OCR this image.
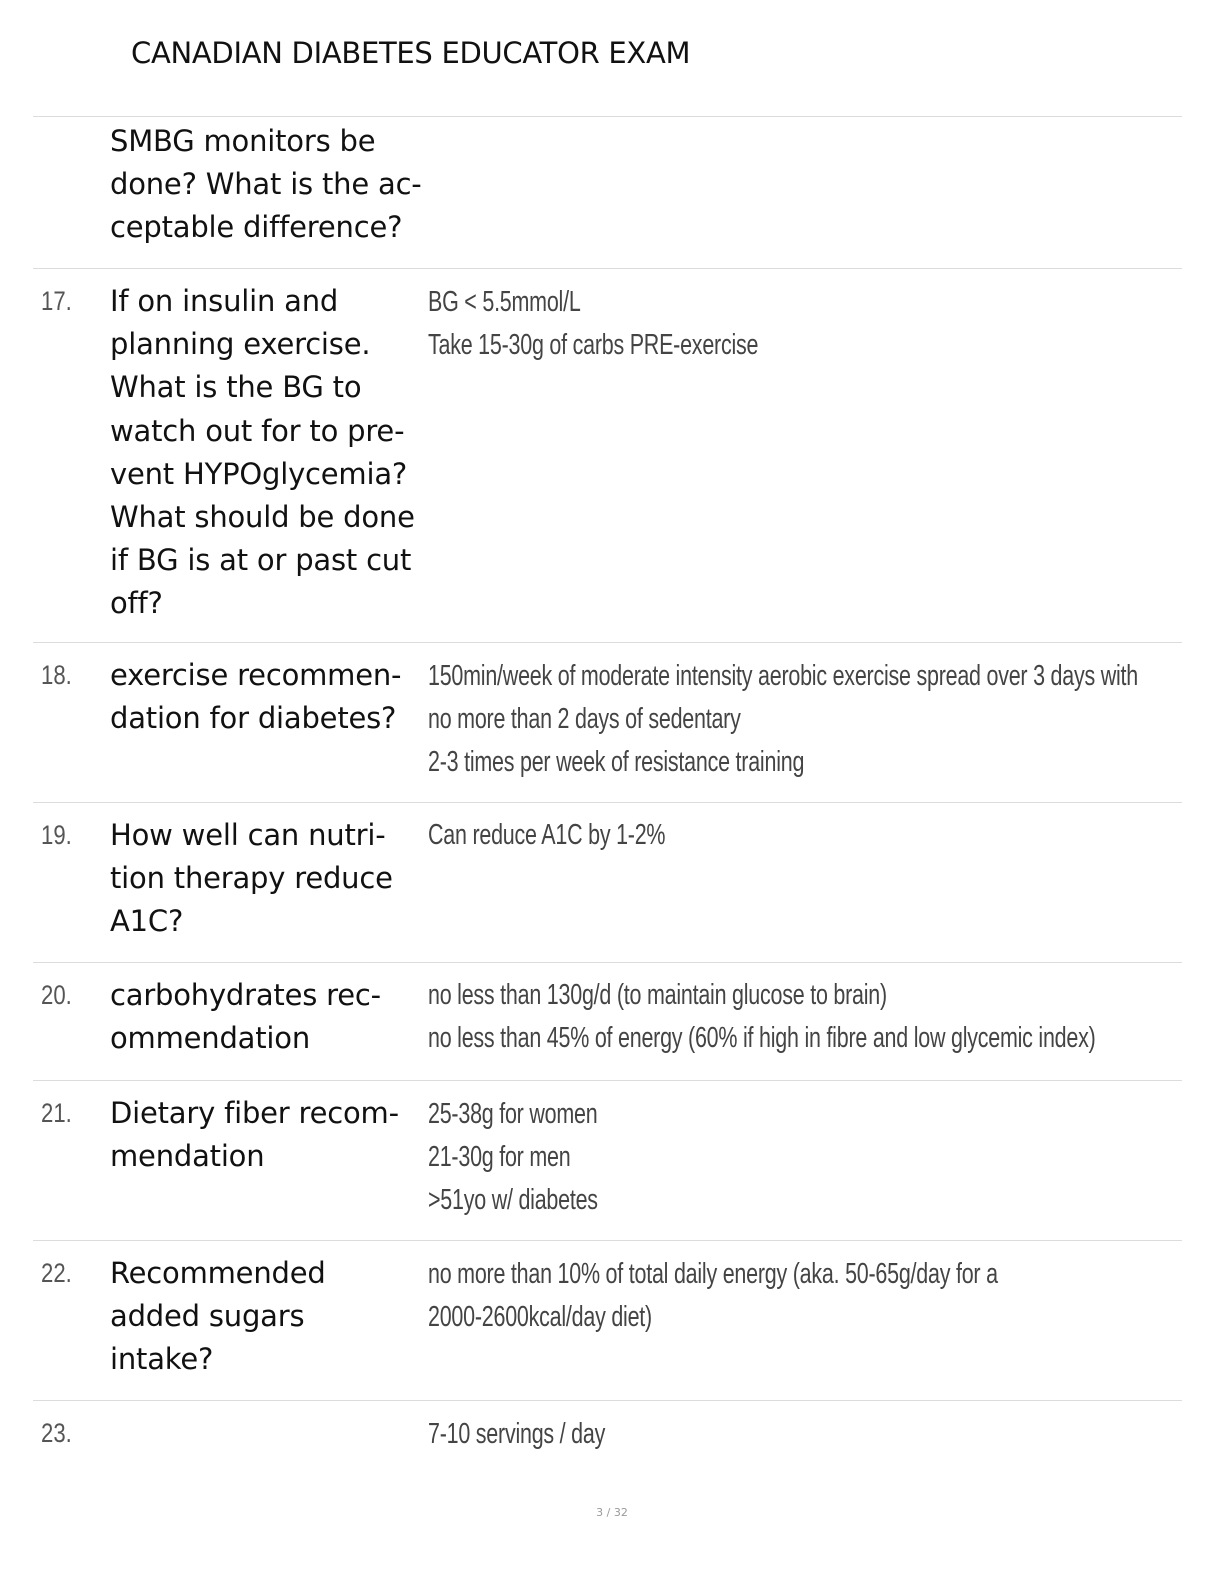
CANADIAN DIABETES EDUCATOR EXAM
SMBG monitors be
done? What is the ac-
ceptable difference?
17. If on insulin and
planning exercise.
What is the BG to
watch out for to pre-
vent HYPOglycemia?
What should be done
if BG is at or past cut
off?
BG < 5.5mmol/L
Take 15-30g of carbs PRE-exercise
18. exercise recommen-
dation for diabetes?
150min/week of moderate intensity aerobic exercise spread over 3 days with
no more than 2 days of sedentary
2-3 times per week of resistance training
19. How well can nutri-
tion therapy reduce
A1C?
Can reduce A1C by 1-2%
20. carbohydrates rec-
ommendation
no less than 130g/d (to maintain glucose to brain)
no less than 45% of energy (60% if high in fibre and low glycemic index)
21. Dietary fiber recom-
mendation
25-38g for women
21-30g for men
>51yo w/ diabetes
22. Recommended
added sugars
intake?
no more than 10% of total daily energy (aka. 50-65g/day for a
2000-2600kcal/day diet)
23.	7-10 servings / day
3 / 32
